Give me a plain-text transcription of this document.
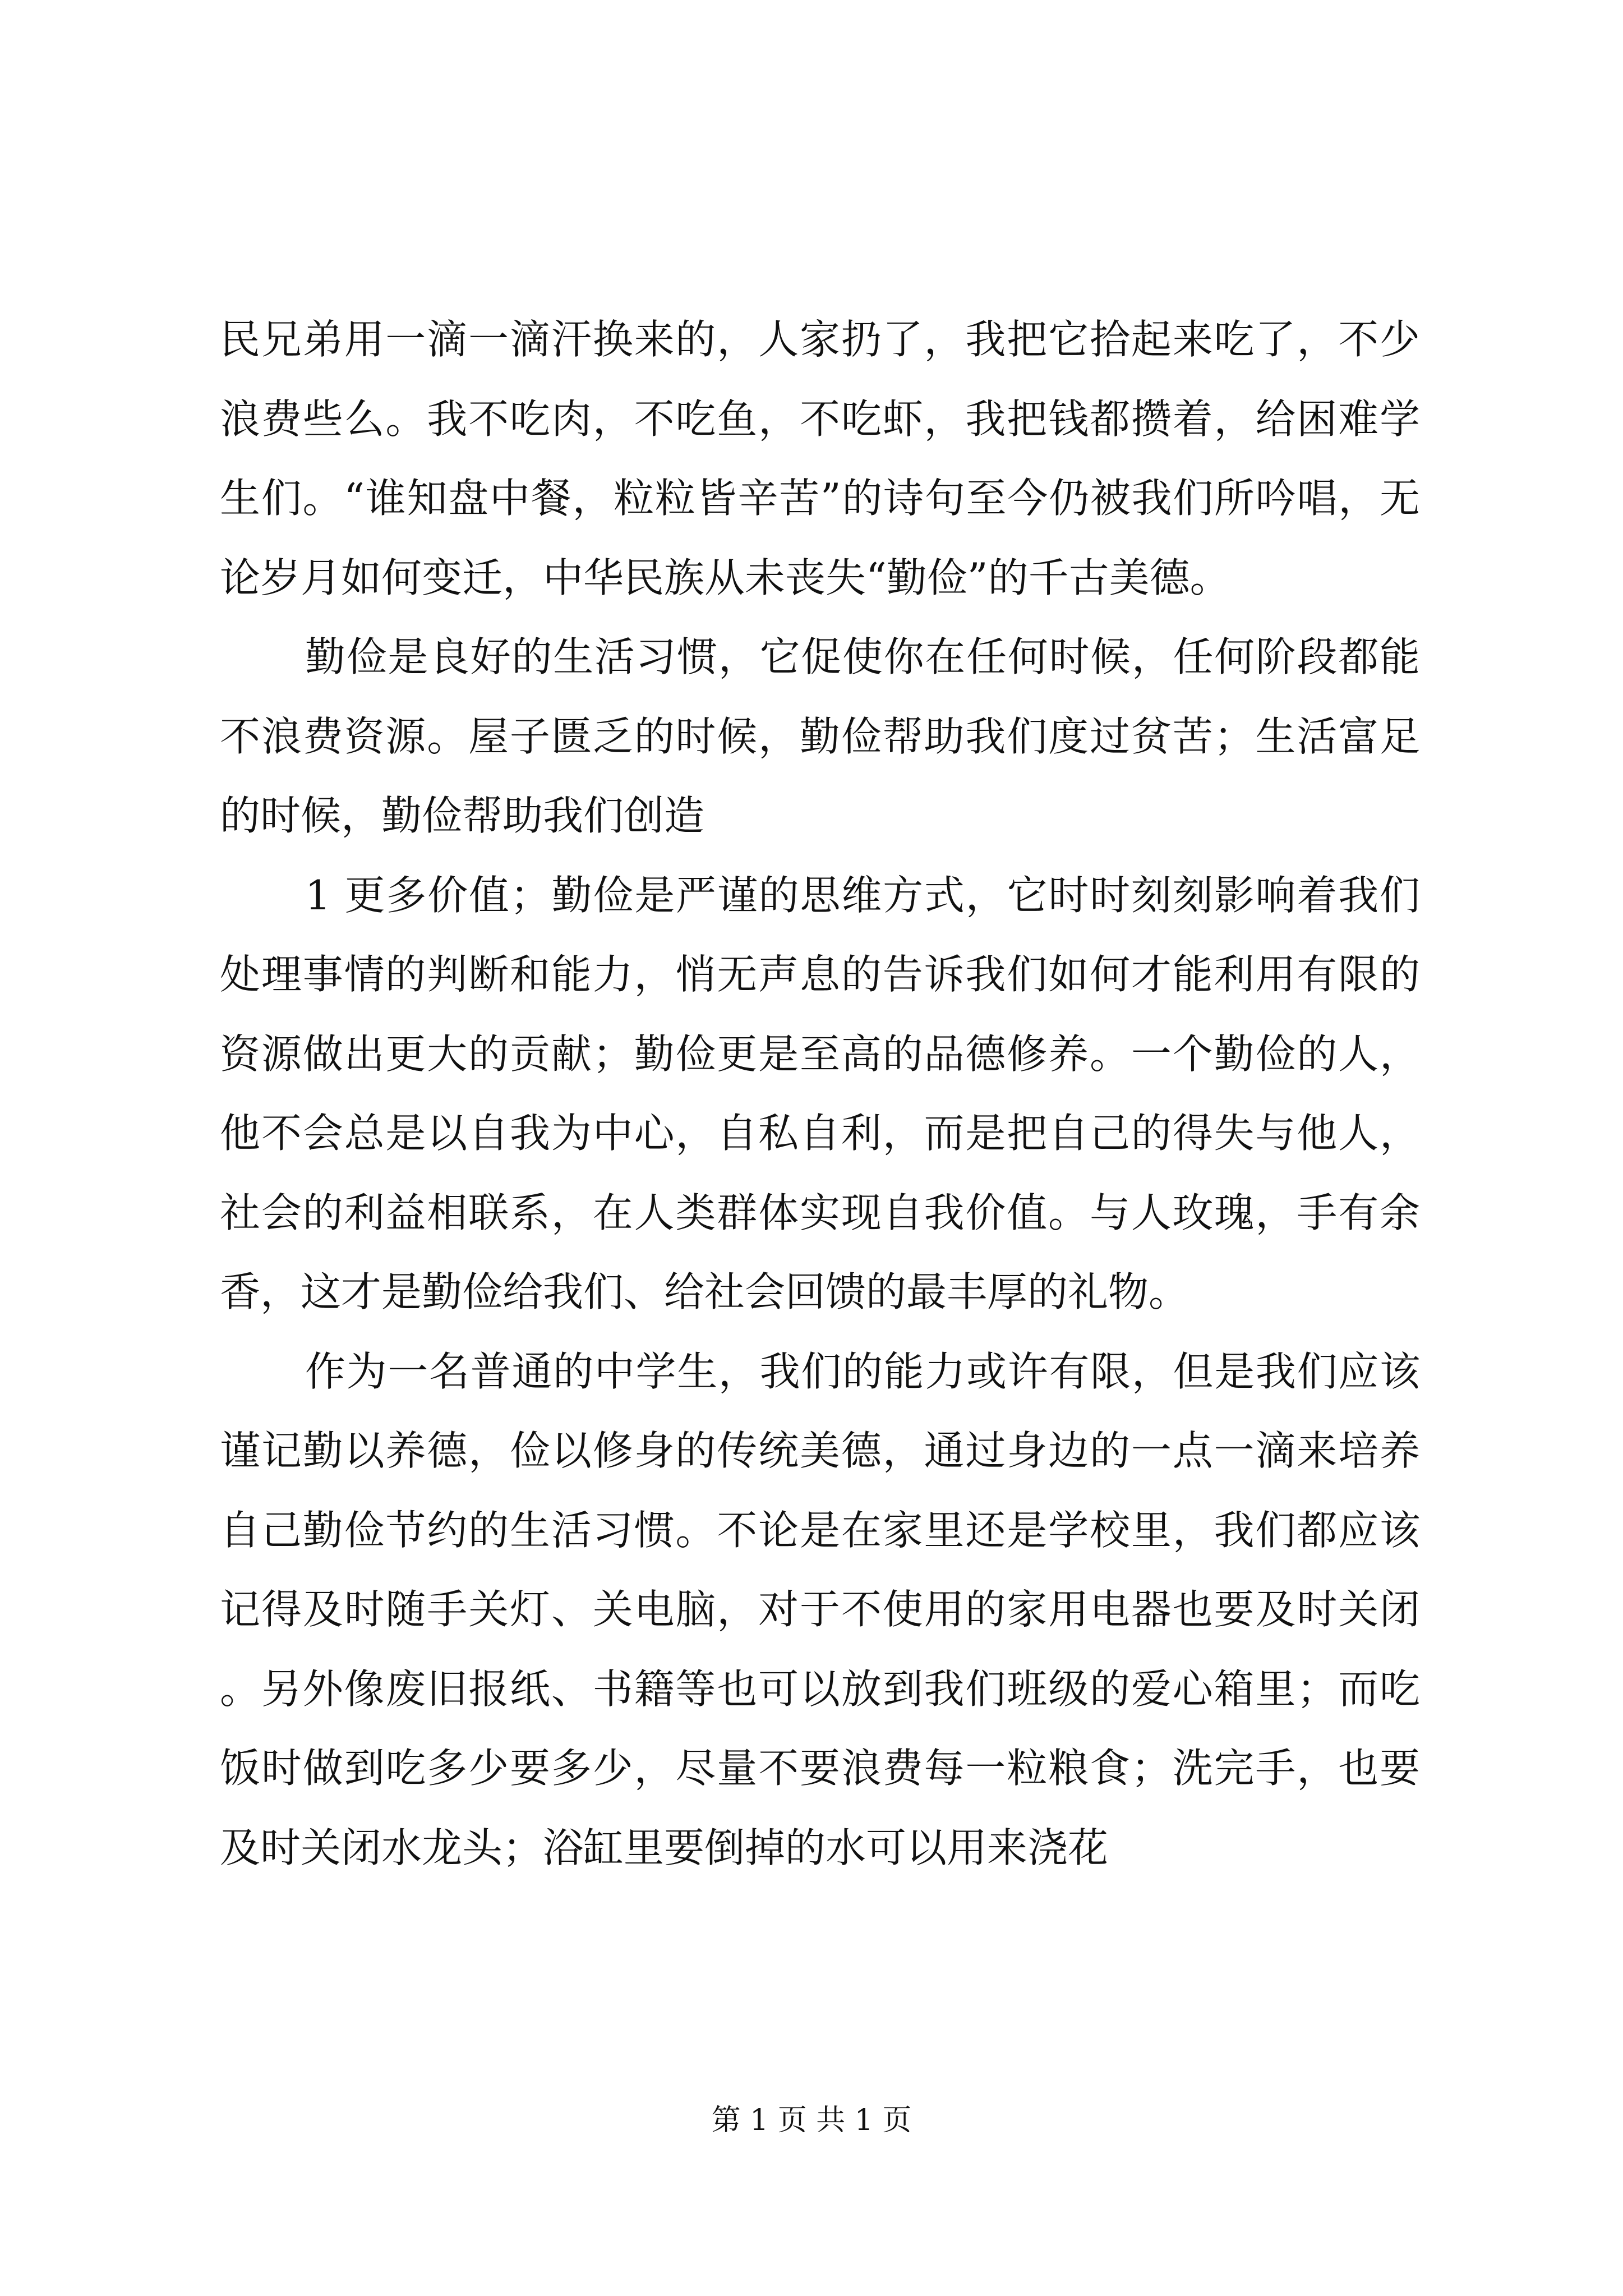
民兄弟用一滴一滴汗换来的，人家扔了，我把它拾起来吃了，不少浪费些么。我不吃肉，不吃鱼，不吃虾，我把钱都攒着，给困难学生们。“谁知盘中餐，粒粒皆辛苦”的诗句至今仍被我们所吟唱，无论岁月如何变迁，中华民族从未丧失“勤俭”的千古美德。

勤俭是良好的生活习惯，它促使你在任何时候，任何阶段都能不浪费资源。屋子匮乏的时候，勤俭帮助我们度过贫苦；生活富足的时候，勤俭帮助我们创造

1 更多价值；勤俭是严谨的思维方式，它时时刻刻影响着我们处理事情的判断和能力，悄无声息的告诉我们如何才能利用有限的资源做出更大的贡献；勤俭更是至高的品德修养。一个勤俭的人，他不会总是以自我为中心，自私自利，而是把自己的得失与他人，社会的利益相联系，在人类群体实现自我价值。与人玫瑰，手有余香，这才是勤俭给我们、给社会回馈的最丰厚的礼物。

作为一名普通的中学生，我们的能力或许有限，但是我们应该谨记勤以养德，俭以修身的传统美德，通过身边的一点一滴来培养自己勤俭节约的生活习惯。不论是在家里还是学校里，我们都应该记得及时随手关灯、关电脑，对于不使用的家用电器也要及时关闭。另外像废旧报纸、书籍等也可以放到我们班级的爱心箱里；而吃饭时做到吃多少要多少，尽量不要浪费每一粒粮食；洗完手，也要及时关闭水龙头；浴缸里要倒掉的水可以用来浇花

第 1 页 共 1 页
